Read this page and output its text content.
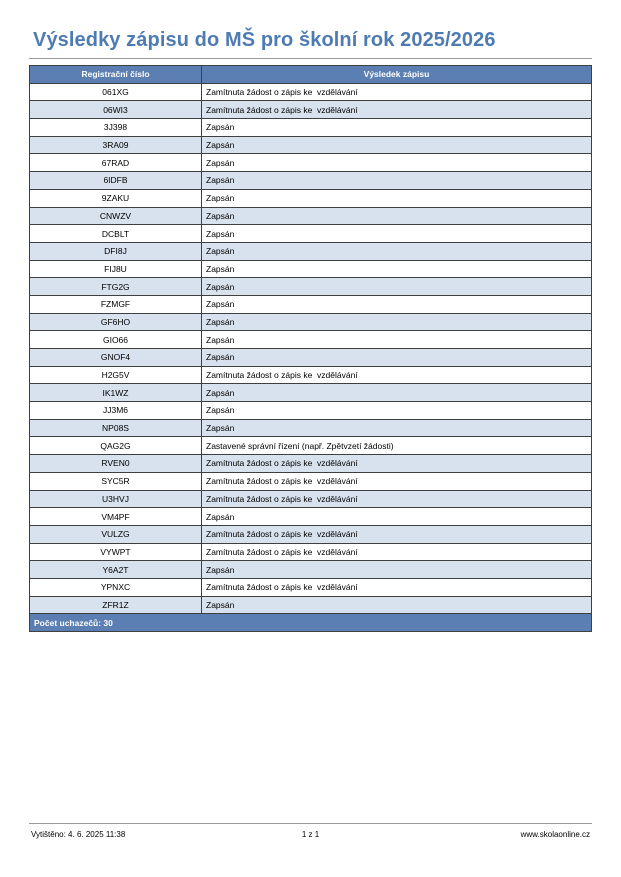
Výsledky zápisu do MŠ pro školní rok 2025/2026
Registrační číslo	Výsledek zápisu
061XG	Zamítnuta žádost o zápis ke  vzdělávání
06WI3	Zamítnuta žádost o zápis ke  vzdělávání
3J398	Zapsán
3RA09	Zapsán
67RAD	Zapsán
6IDFB	Zapsán
9ZAKU	Zapsán
CNWZV	Zapsán
DCBLT	Zapsán
DFI8J	Zapsán
FIJ8U	Zapsán
FTG2G	Zapsán
FZMGF	Zapsán
GF6HO	Zapsán
GIO66	Zapsán
GNOF4	Zapsán
H2G5V	Zamítnuta žádost o zápis ke  vzdělávání
IK1WZ	Zapsán
JJ3M6	Zapsán
NP08S	Zapsán
QAG2G	Zastavené správní řízení (např. Zpětvzetí žádosti)
RVEN0	Zamítnuta žádost o zápis ke  vzdělávání
SYC5R	Zamítnuta žádost o zápis ke  vzdělávání
U3HVJ	Zamítnuta žádost o zápis ke  vzdělávání
VM4PF	Zapsán
VULZG	Zamítnuta žádost o zápis ke  vzdělávání
VYWPT	Zamítnuta žádost o zápis ke  vzdělávání
Y6A2T	Zapsán
YPNXC	Zamítnuta žádost o zápis ke  vzdělávání
ZFR1Z	Zapsán
Počet uchazečů: 30	
Vytištěno: 4. 6. 2025 11:38	1 z 1	www.skolaonline.cz
